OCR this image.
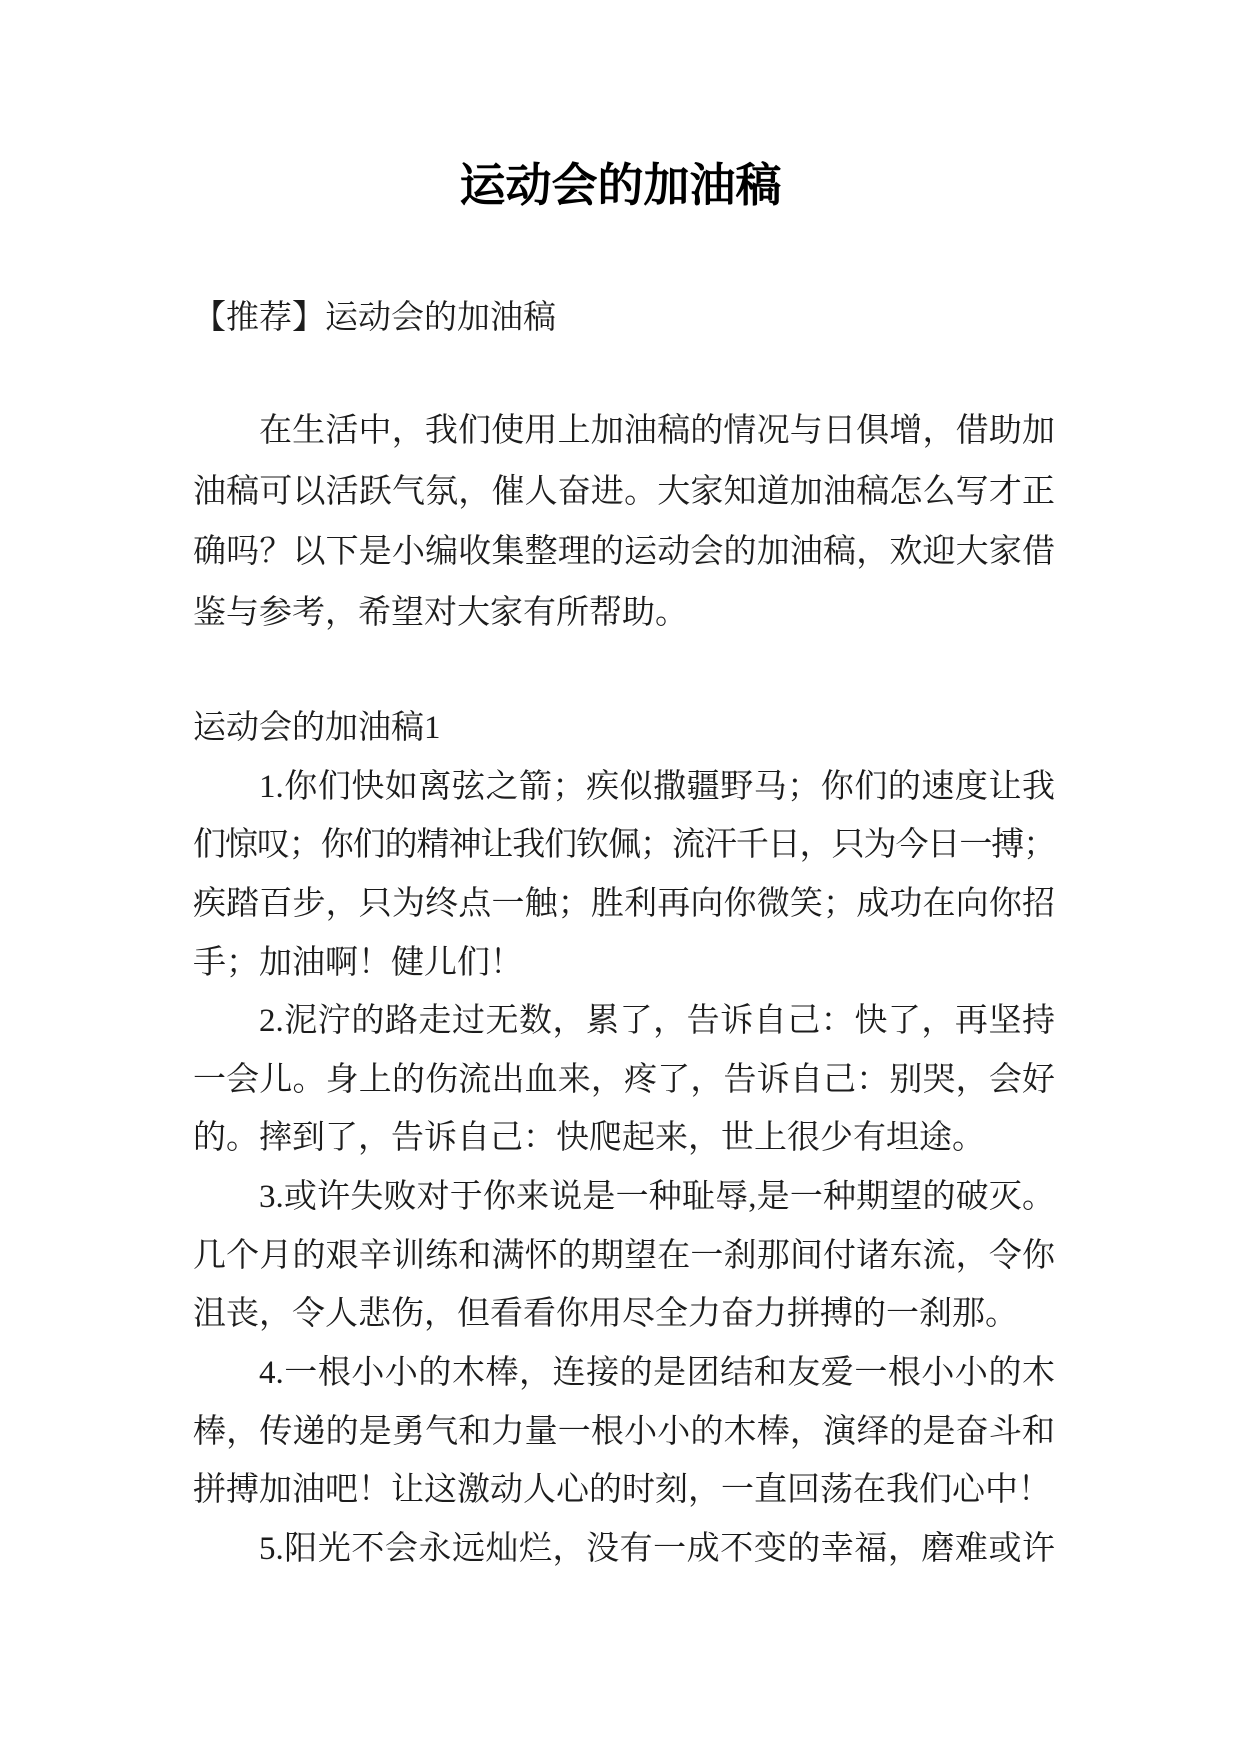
运动会的加油稿
【推荐】运动会的加油稿
在生活中，我们使用上加油稿的情况与日俱增，借助加
油稿可以活跃气氛，催人奋进。大家知道加油稿怎么写才正
确吗？以下是小编收集整理的运动会的加油稿，欢迎大家借
鉴与参考，希望对大家有所帮助。
运动会的加油稿1
1.你们快如离弦之箭；疾似撒疆野马；你们的速度让我
们惊叹；你们的精神让我们钦佩；流汗千日，只为今日一搏；
疾踏百步，只为终点一触；胜利再向你微笑；成功在向你招
手；加油啊！健儿们！
2.泥泞的路走过无数，累了，告诉自己：快了，再坚持
一会儿。身上的伤流出血来，疼了，告诉自己：别哭，会好
的。摔到了，告诉自己：快爬起来，世上很少有坦途。
3.或许失败对于你来说是一种耻辱,是一种期望的破灭。
几个月的艰辛训练和满怀的期望在一刹那间付诸东流，令你
沮丧，令人悲伤，但看看你用尽全力奋力拼搏的一刹那。
4.一根小小的木棒，连接的是团结和友爱一根小小的木
棒，传递的是勇气和力量一根小小的木棒，演绎的是奋斗和
拼搏加油吧！让这激动人心的时刻，一直回荡在我们心中！
5.阳光不会永远灿烂，没有一成不变的幸福，磨难或许
